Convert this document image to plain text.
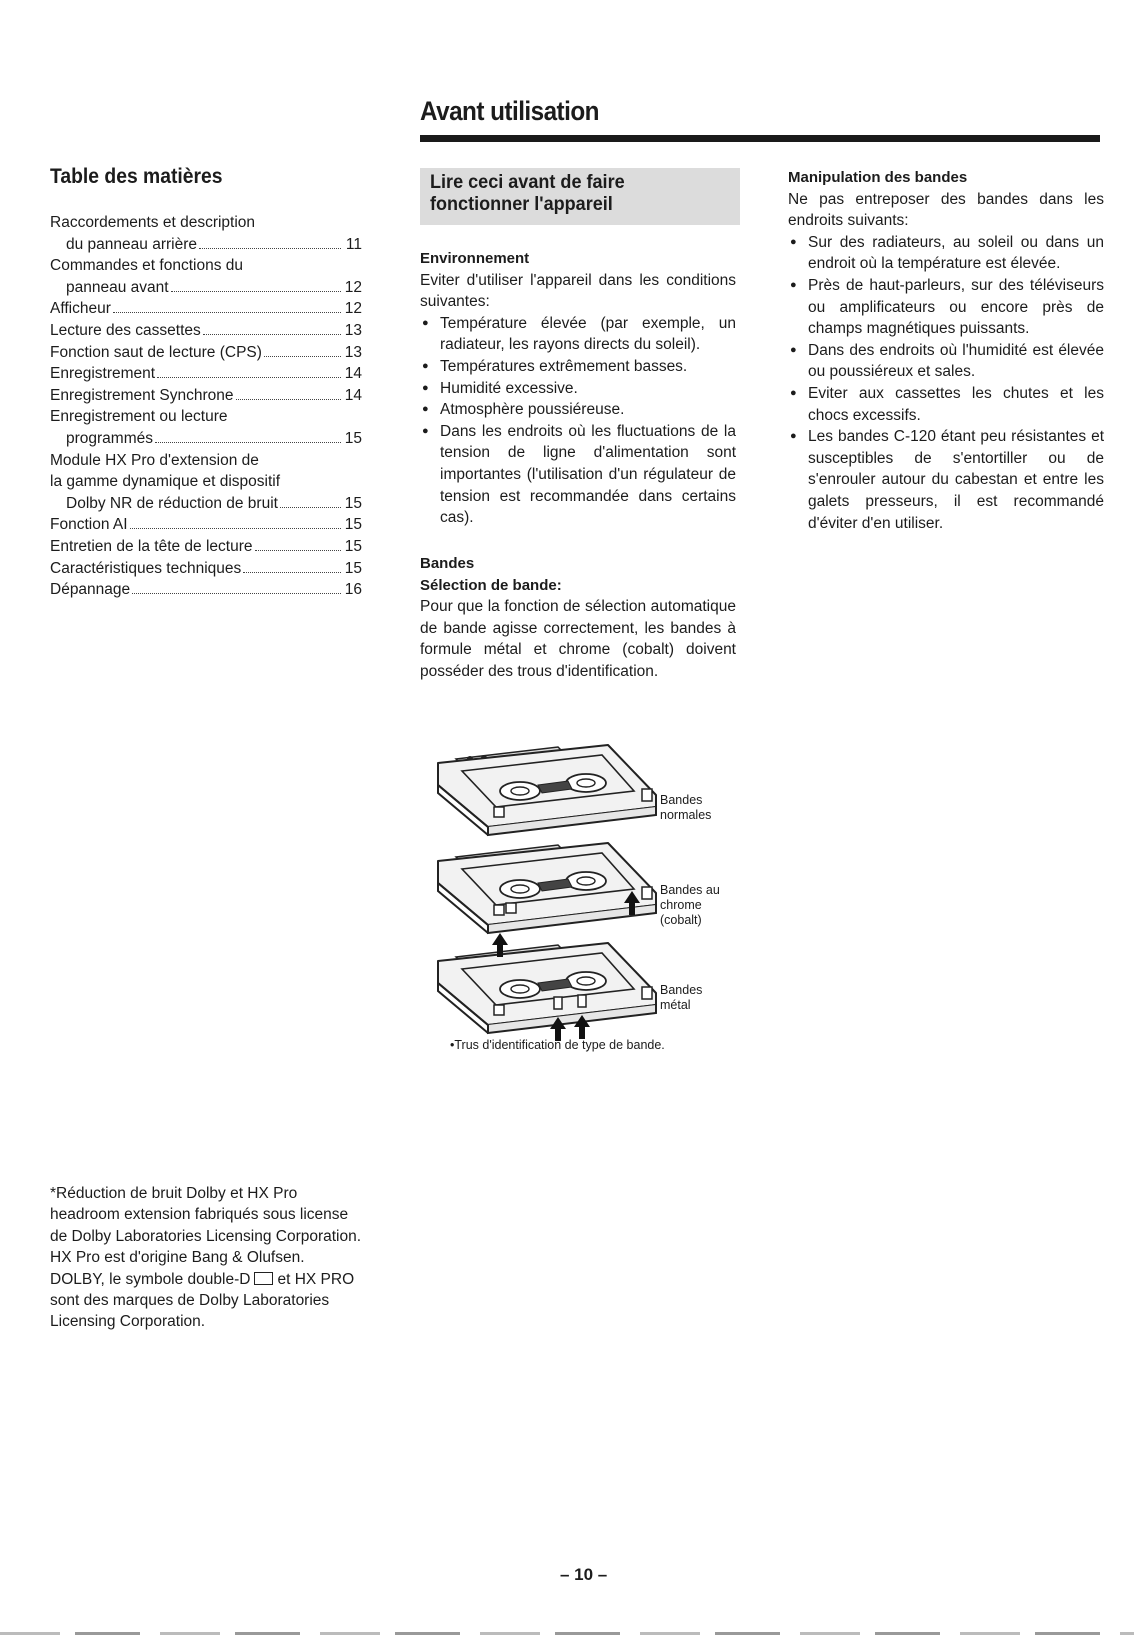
Avant utilisation
Table des matières
Raccordements et description
du panneau arrière	11
Commandes et fonctions du
panneau avant	12
Afficheur	12
Lecture des cassettes	13
Fonction saut de lecture (CPS)	13
Enregistrement	14
Enregistrement Synchrone	14
Enregistrement ou lecture
programmés	15
Module HX Pro d'extension de
la gamme dynamique et dispositif
Dolby NR de réduction de bruit	15
Fonction AI	15
Entretien de la tête de lecture	15
Caractéristiques techniques	15
Dépannage	16

*Réduction de bruit Dolby et HX Pro headroom extension fabriqués sous license de Dolby Laboratories Licensing Corporation. HX Pro est d'origine Bang & Olufsen.

DOLBY, le symbole double-D et HX PRO sont des marques de Dolby Laboratories Licensing Corporation.

Lire ceci avant de faire
fonctionner l'appareil
Environnement

Eviter d'utiliser l'appareil dans les conditions suivantes:

● Température élevée (par exemple, un radiateur, les rayons directs du soleil).
● Températures extrêmement basses.
● Humidité excessive.
● Atmosphère poussiéreuse.
● Dans les endroits où les fluctuations de la tension de ligne d'alimentation sont importantes (l'utilisation d'un régulateur de tension est recommandée dans certains cas).
Bandes
Sélection de bande:

Pour que la fonction de sélection automatique de bande agisse correctement, les bandes à formule métal et chrome (cobalt) doivent posséder des trous d'identification.

Manipulation des bandes

Ne pas entreposer des bandes dans les endroits suivants:

● Sur des radiateurs, au soleil ou dans un endroit où la température est élevée.
● Près de haut-parleurs, sur des téléviseurs ou amplificateurs ou encore près de champs magnétiques puissants.
● Dans des endroits où l'humidité est élevée ou poussiéreux et sales.
● Eviter aux cassettes les chutes et les chocs excessifs.
● Les bandes C-120 étant peu résistantes et susceptibles de s'entortiller ou de s'enrouler autour du cabestan et entre les galets presseurs, il est recommandé d'éviter d'en utiliser.
Bandes
normales
Bandes au
chrome
(cobalt)
Bandes
métal
•Trus d'identification de type de bande.
– 10 –
